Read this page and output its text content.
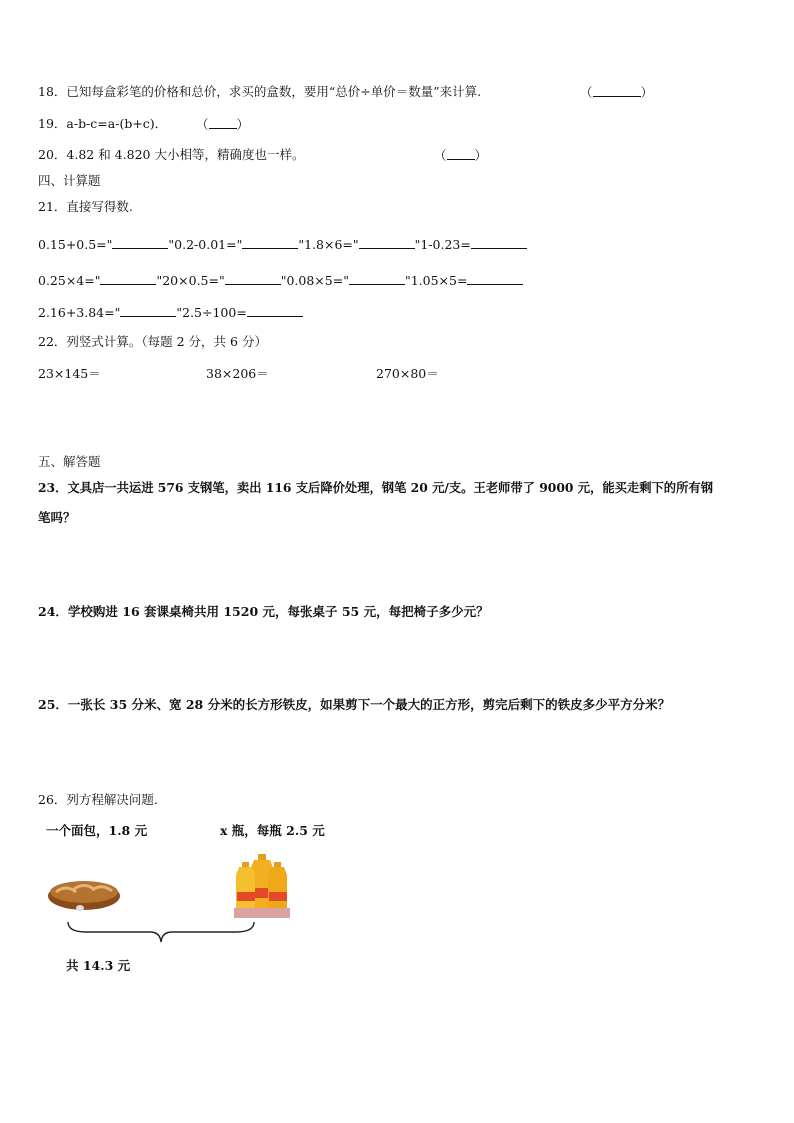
18．已知每盒彩笔的价格和总价，求买的盒数，要用“总价÷单价＝数量”来计算.	（	）
19．a-b-c=a-(b+c)． （ ）
20．4.82 和 4.820 大小相等，精确度也一样。	（ ）
四、计算题
21．直接写得数.
0.15+0.5="	"0.2-0.01="	"1.8×6="	"1-0.23=
0.25×4="	"20×0.5="	"0.08×5="	"1.05×5=
2.16+3.84="	"2.5÷100=
22．列竖式计算。（每题 2 分，共 6 分）
23×145＝	38×206＝	270×80＝
五、解答题
23．文具店一共运进 576 支钢笔，卖出 116 支后降价处理，钢笔 20 元/支。王老师带了 9000 元，能买走剩下的所有钢
笔吗？
24．学校购进 16 套课桌椅共用 1520 元，每张桌子 55 元，每把椅子多少元？
25．一张长 35 分米、宽 28 分米的长方形铁皮，如果剪下一个最大的正方形，剪完后剩下的铁皮多少平方分米？
26．列方程解决问题.
一个面包，1.8 元	x 瓶，每瓶 2.5 元
共 14.3 元
